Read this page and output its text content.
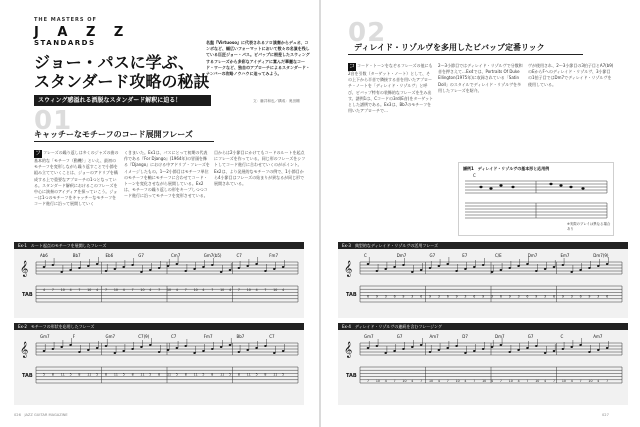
THE MASTERS OF
J A Z Z
STANDARDS
ジョー・パスに学ぶ、
スタンダード攻略の秘訣
スウィング感溢れる洒脱なスタンダード解釈に迫る！
名盤『Virtuoso』に代表されるソロ演奏からデュオ、コンボなど、幅広いフォーマットにおいて数々の名演を残している巨匠ジョー・パス。ビバップに根差したスウィングするフレーズから多彩なアイディアに富んだ華麗なコード・ワークなど、独自のアプローチによるスタンダード・ナンバーの攻略ノウハウに迫ってみよう。
文：藤井和也／構成：奥田剛
01
キャッチーなモチーフのコード展開フレーズ
フ フレーズの繰り返しは多くのジャズの曲の基本的な「モチーフ（動機）」といえ、最初のモチーフを変形しながら繰り返すことで小節を組み立てていくことは、ジョーのアドリブを構成する上で重要なアプローチの1つとなっている。スタンダード解釈におけるこのフレーズを中心に演奏のアイディアを探っていこう。ジョーは1つのモチーフをキャッチーなモチーフをコード進行に沿って展開していく
くきまいた。Ex1は、パスにとって初期の代表作である『For Django』(1964年)の冒頭を飾る『Django』における中アドリブ・フレーズをイメージしたもの。1～2小節目はモチーフ単位のモチーフを軸にモチーフに合わせてコード・トーンを変化させながら展開している。Ex2は、モチーフの繰り返しの形をキープしつつコード進行に沿ってモチーフを変形させている。
目からは2小節目にかけてもコードのルートを起点にフレーズを作っている。同じ形のフレーズをシフトしてコード進行に合わせていくのがポイント。Ex2は、より発展的なモチーフの例で、1小節目から4小節目はフレーズの始まりが異なるが同じ形で展開されている。
02
ディレイド・リゾルヴを多用したビバップ定番リック
コ コード・トーンをなぞるフレーズの他にも2音を引数（ターゲット・ノート）として、その上下から半音で隣接する音を用いたアプローチ・ノートを「ディレイド・リゾルヴ」と呼び、ビバップ特有の装飾的なフレーズを生み出す。譜例1は、Cコードの3rd(E音)をターゲットとした譜例である。Ex3は、Bb7のモチーフを用いたアプローチで…
2～3小節目ではディレイド・リゾルヴで分散和音を押さえて…Ex4では、Portraits Of Duke Ellington(1975年)に収録されている「Satin Doll」のスタイルでディレイド・リゾルヴを多用したフレーズを紹介。
ヴが使用され、2～3小節目の3拍子目とA7(b9)のEからFへのディレイド・リゾルヴ、3小節目の1拍子目ではDm7でディレイド・リゾルヴを使用している。
譜例1　ディレイド・リゾルヴの基本形と応用例
C
※実際のプレイは異なる場合あり
Ex-1　ルート起点のモチーフを展開したフレーズ
𝄞
TAB
Ab6	Bb7	Eb6	G7	Cm7	Gm7(b5)	C7	Fm7
4 7 10 4 7 10 4 7 10 4 7 10 4 7 10 4 7 10 4 7 10 4 7 10 4 7 10 4
Ex-2　モチーフの形状を応用したフレーズ
𝄞
TAB
Gm7	F	Gm7	C7(9)	C7	Fm7	Bb7	C7
5 8 11 5 8 11 5 8 11 5 8 11 5 8 11 5 8 11 5 8 11 5 8 11 5 8 11 5
Ex-3　典型的なディレイド・リゾルヴの活用フレーズ
𝄞
TAB
C	Dm7	G7	E7	C/E	Dm7	Em7	Dm7(9)
6 9 3 6 9 3 6 9 3 6 9 3 6 9 3 6 9 3 6 9 3 6 9 3 6 9 3 6
Ex-4　ディレイド・リゾルヴの連続を含むフレージング
𝄞
TAB
Gm7	G7	Am7	D7	Dm7	G7	C	Am7
7 10 4 7 10 4 7 10 4 7 10 4 7 10 4 7 10 4 7 10 4 7 10 4 7 10 4 7
026　JAZZ GUITAR MAGAZINE	027
